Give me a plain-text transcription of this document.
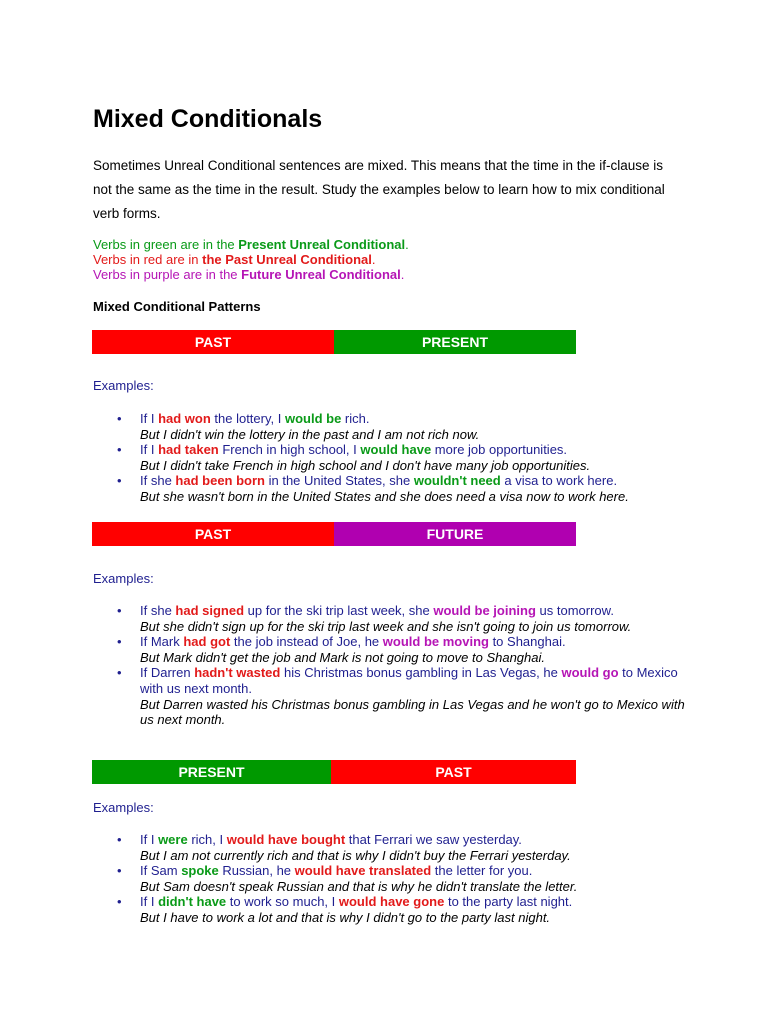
Mixed Conditionals

Sometimes Unreal Conditional sentences are mixed. This means that the time in the if-clause is not the same as the time in the result. Study the examples below to learn how to mix conditional verb forms.

Verbs in green are in the Present Unreal Conditional.

Verbs in red are in the Past Unreal Conditional.

Verbs in purple are in the Future Unreal Conditional.

Mixed Conditional Patterns

PAST	PRESENT

Examples:

• If I had won the lottery, I would be rich.
But I didn't win the lottery in the past and I am not rich now.
• If I had taken French in high school, I would have more job opportunities.
But I didn't take French in high school and I don't have many job opportunities.
• If she had been born in the United States, she wouldn't need a visa to work here.
But she wasn't born in the United States and she does need a visa now to work here.
PAST	FUTURE

Examples:

• If she had signed up for the ski trip last week, she would be joining us tomorrow.
But she didn't sign up for the ski trip last week and she isn't going to join us tomorrow.
• If Mark had got the job instead of Joe, he would be moving to Shanghai.
But Mark didn't get the job and Mark is not going to move to Shanghai.
• If Darren hadn't wasted his Christmas bonus gambling in Las Vegas, he would go to Mexico with us next month.
But Darren wasted his Christmas bonus gambling in Las Vegas and he won't go to Mexico with us next month.
PRESENT	PAST

Examples:

• If I were rich, I would have bought that Ferrari we saw yesterday.
But I am not currently rich and that is why I didn't buy the Ferrari yesterday.
• If Sam spoke Russian, he would have translated the letter for you.
But Sam doesn't speak Russian and that is why he didn't translate the letter.
• If I didn't have to work so much, I would have gone to the party last night.
But I have to work a lot and that is why I didn't go to the party last night.
